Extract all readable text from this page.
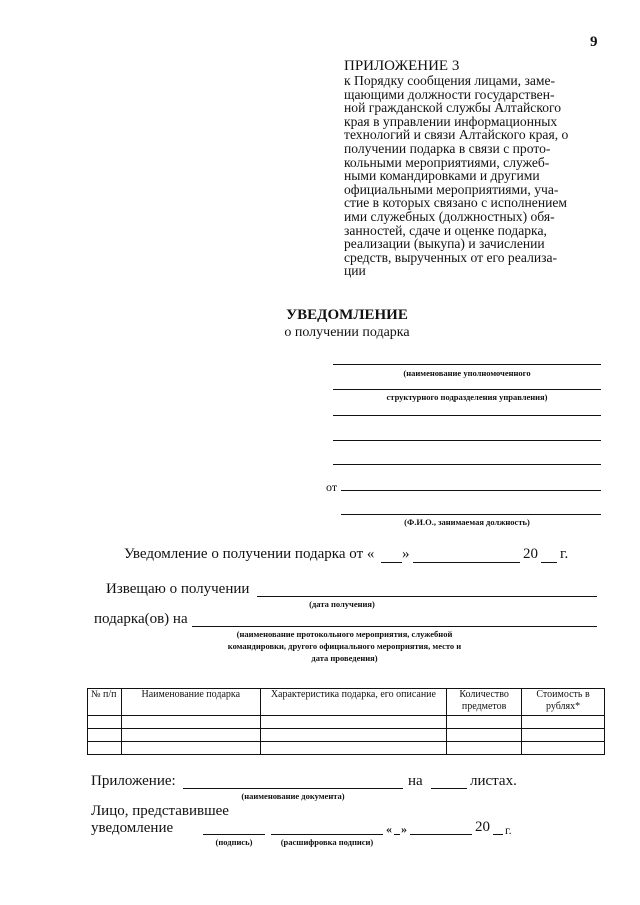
9
ПРИЛОЖЕНИЕ 3
к Порядку сообщения лицами, заме-
щающими должности государствен-
ной гражданской службы Алтайского
края в управлении информационных
технологий и связи Алтайского края, о
получении подарка в связи с прото-
кольными мероприятиями, служеб-
ными командировками и другими
официальными мероприятиями, уча-
стие в которых связано с исполнением
ими служебных (должностных) обя-
занностей, сдаче и оценке подарка,
реализации (выкупа) и зачислении
средств, вырученных от его реализа-
ции
УВЕДОМЛЕНИЕ
о получении подарка
(наименование уполномоченного
структурного подразделения управления)
от
(Ф.И.О., занимаемая должность)
Уведомление о получении подарка от « »	20 г.
Извещаю о получении
(дата получения)
подарка(ов) на
(наименование протокольного мероприятия, служебной
командировки, другого официального мероприятия, место и
дата проведения)
№ п/п	Наименование подарка	Характеристика подарка, его описание	Количество предметов	Стоимость в рублях*

Приложение:
(наименование документа)
на	листах.
Лицо, представившее
уведомление
(подпись)	(расшифровка подписи)
« »	20 г.
